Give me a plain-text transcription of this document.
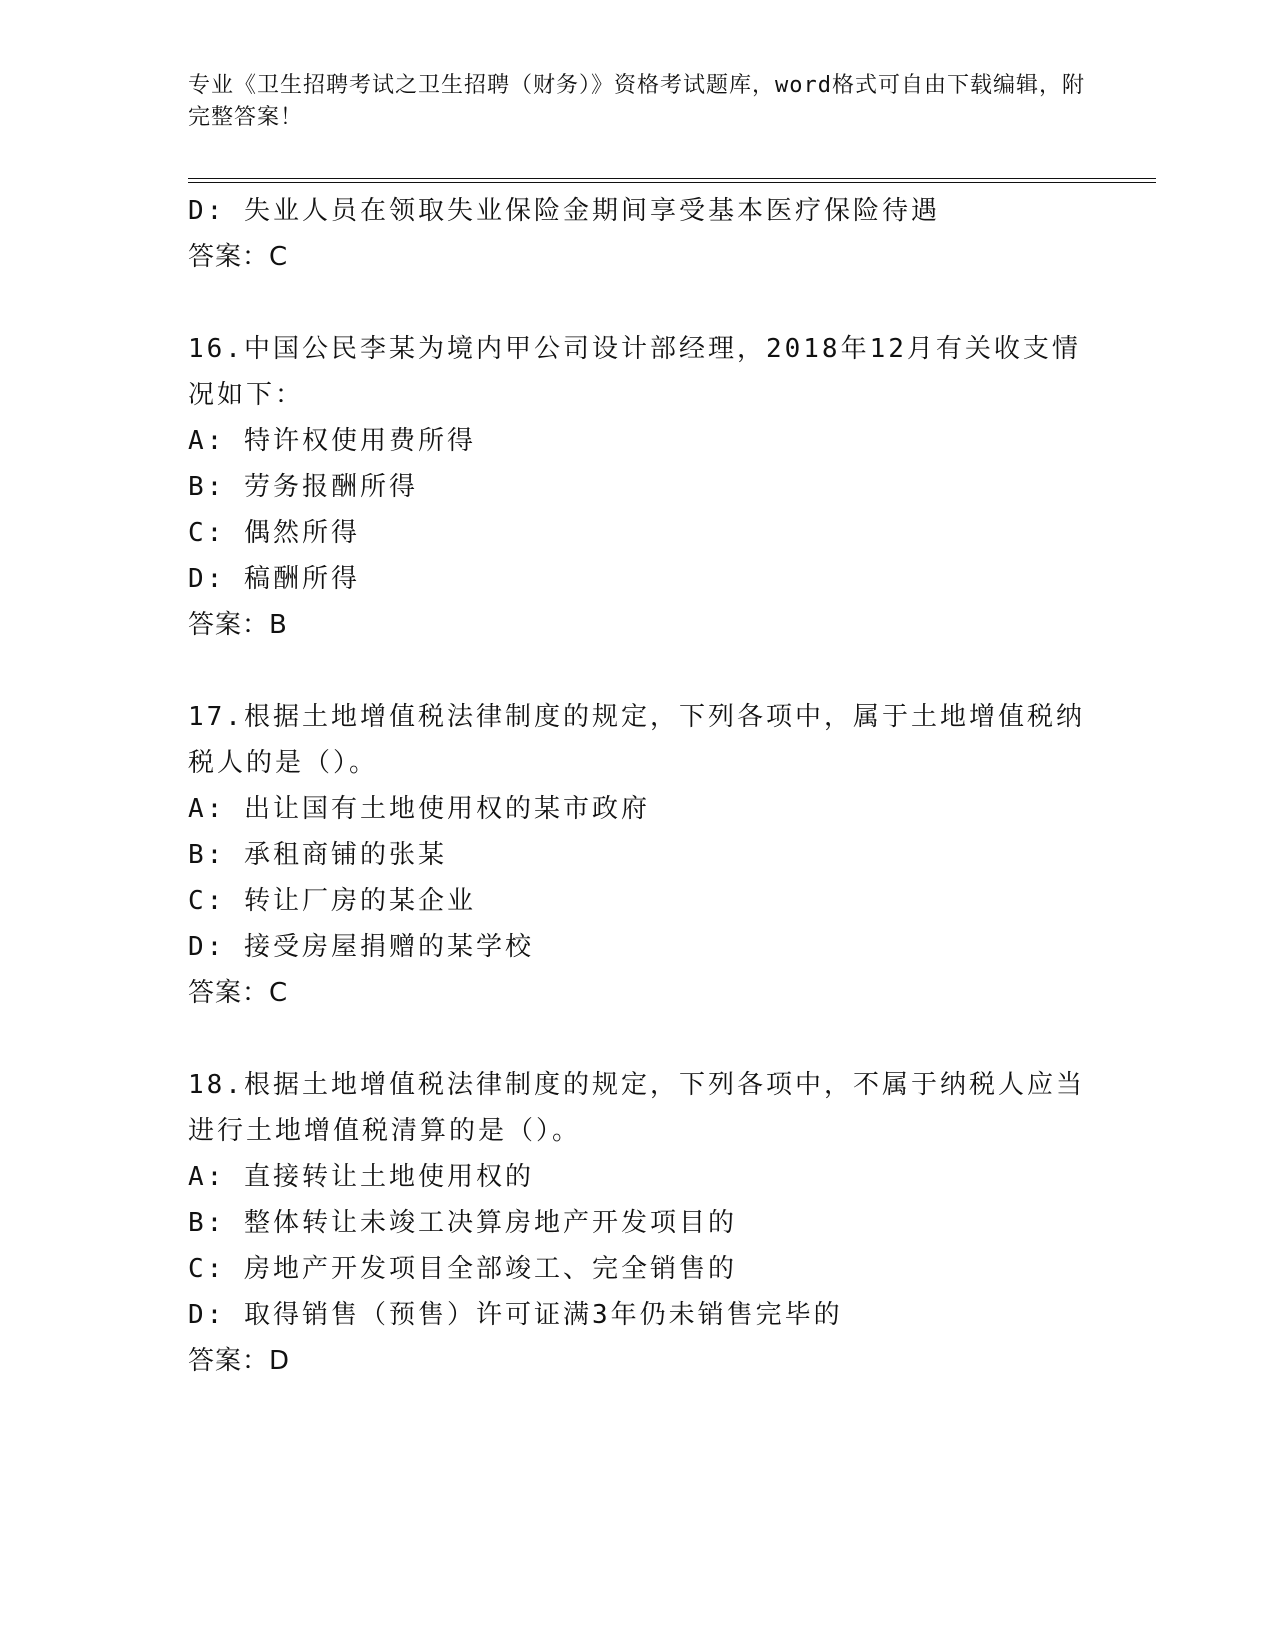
专业《卫生招聘考试之卫生招聘（财务）》资格考试题库，word格式可自由下载编辑，附完整答案！
D: 失业人员在领取失业保险金期间享受基本医疗保险待遇
答案：C
16.中国公民李某为境内甲公司设计部经理，2018年12月有关收支情况如下：
A: 特许权使用费所得
B: 劳务报酬所得
C: 偶然所得
D: 稿酬所得
答案：B
17.根据土地增值税法律制度的规定，下列各项中，属于土地增值税纳税人的是（）。
A: 出让国有土地使用权的某市政府
B: 承租商铺的张某
C: 转让厂房的某企业
D: 接受房屋捐赠的某学校
答案：C
18.根据土地增值税法律制度的规定，下列各项中，不属于纳税人应当进行土地增值税清算的是（）。
A: 直接转让土地使用权的
B: 整体转让未竣工决算房地产开发项目的
C: 房地产开发项目全部竣工、完全销售的
D: 取得销售（预售）许可证满3年仍未销售完毕的
答案：D
